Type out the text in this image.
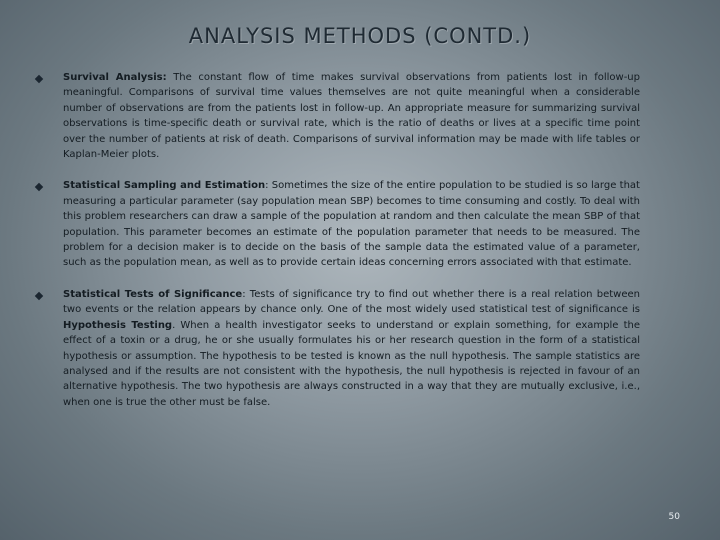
ANALYSIS METHODS (CONTD.)
Survival Analysis: The constant flow of time makes survival observations from patients lost in follow-up meaningful. Comparisons of survival time values themselves are not quite meaningful when a considerable number of observations are from the patients lost in follow-up. An appropriate measure for summarizing survival observations is time-specific death or survival rate, which is the ratio of deaths or lives at a specific time point over the number of patients at risk of death. Comparisons of survival information may be made with life tables or Kaplan-Meier plots.
Statistical Sampling and Estimation: Sometimes the size of the entire population to be studied is so large that measuring a particular parameter (say population mean SBP) becomes to time consuming and costly. To deal with this problem researchers can draw a sample of the population at random and then calculate the mean SBP of that population. This parameter becomes an estimate of the population parameter that needs to be measured. The problem for a decision maker is to decide on the basis of the sample data the estimated value of a parameter, such as the population mean, as well as to provide certain ideas concerning errors associated with that estimate.
Statistical Tests of Significance: Tests of significance try to find out whether there is a real relation between two events or the relation appears by chance only. One of the most widely used statistical test of significance is Hypothesis Testing. When a health investigator seeks to understand or explain something, for example the effect of a toxin or a drug, he or she usually formulates his or her research question in the form of a statistical hypothesis or assumption. The hypothesis to be tested is known as the null hypothesis. The sample statistics are analysed and if the results are not consistent with the hypothesis, the null hypothesis is rejected in favour of an alternative hypothesis. The two hypothesis are always constructed in a way that they are mutually exclusive, i.e., when one is true the other must be false.
50
